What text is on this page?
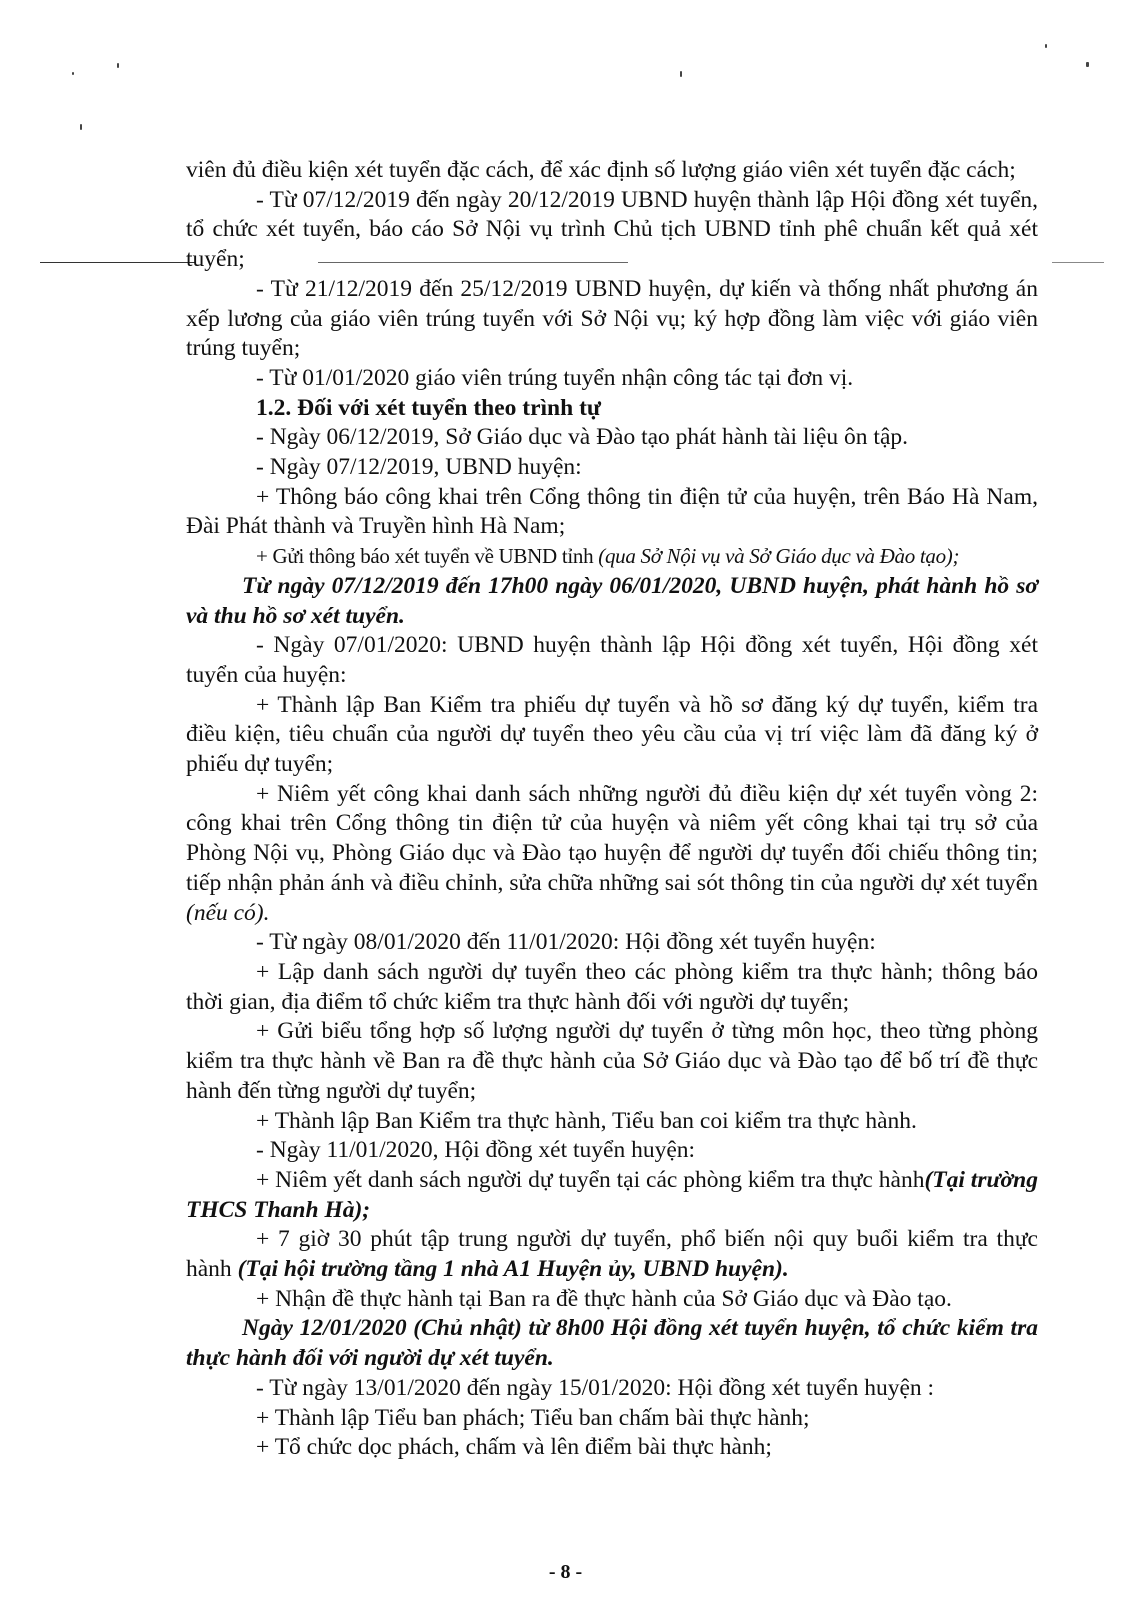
viên đủ điều kiện xét tuyển đặc cách, để xác định số lượng giáo viên xét tuyển đặc cách;

- Từ 07/12/2019 đến ngày 20/12/2019 UBND huyện thành lập Hội đồng xét tuyển, tổ chức xét tuyển, báo cáo Sở Nội vụ trình Chủ tịch UBND tỉnh phê chuẩn kết quả xét tuyển;

- Từ 21/12/2019 đến 25/12/2019 UBND huyện, dự kiến và thống nhất phương án xếp lương của giáo viên trúng tuyển với Sở Nội vụ; ký hợp đồng làm việc với giáo viên trúng tuyển;

- Từ 01/01/2020 giáo viên trúng tuyển nhận công tác tại đơn vị.

1.2. Đối với xét tuyển theo trình tự

- Ngày 06/12/2019, Sở Giáo dục và Đào tạo phát hành tài liệu ôn tập.

- Ngày 07/12/2019, UBND huyện:

+ Thông báo công khai trên Cổng thông tin điện tử của huyện, trên Báo Hà Nam, Đài Phát thành và Truyền hình Hà Nam;

+ Gửi thông báo xét tuyển về UBND tỉnh (qua Sở Nội vụ và Sở Giáo dục và Đào tạo);

Từ ngày 07/12/2019 đến 17h00 ngày 06/01/2020, UBND huyện, phát hành hồ sơ và thu hồ sơ xét tuyển.

- Ngày 07/01/2020: UBND huyện thành lập Hội đồng xét tuyển, Hội đồng xét tuyển của huyện:

+ Thành lập Ban Kiểm tra phiếu dự tuyển và hồ sơ đăng ký dự tuyển, kiểm tra điều kiện, tiêu chuẩn của người dự tuyển theo yêu cầu của vị trí việc làm đã đăng ký ở phiếu dự tuyển;

+ Niêm yết công khai danh sách những người đủ điều kiện dự xét tuyển vòng 2: công khai trên Cổng thông tin điện tử của huyện và niêm yết công khai tại trụ sở của Phòng Nội vụ, Phòng Giáo dục và Đào tạo huyện để người dự tuyển đối chiếu thông tin; tiếp nhận phản ánh và điều chỉnh, sửa chữa những sai sót thông tin của người dự xét tuyển (nếu có).

- Từ ngày 08/01/2020 đến 11/01/2020: Hội đồng xét tuyển huyện:

+ Lập danh sách người dự tuyển theo các phòng kiểm tra thực hành; thông báo thời gian, địa điểm tổ chức kiểm tra thực hành đối với người dự tuyển;

+ Gửi biểu tổng hợp số lượng người dự tuyển ở từng môn học, theo từng phòng kiểm tra thực hành về Ban ra đề thực hành của Sở Giáo dục và Đào tạo để bố trí đề thực hành đến từng người dự tuyển;

+ Thành lập Ban Kiểm tra thực hành, Tiểu ban coi kiểm tra thực hành.

- Ngày 11/01/2020, Hội đồng xét tuyển huyện:

+ Niêm yết danh sách người dự tuyển tại các phòng kiểm tra thực hành(Tại trường THCS Thanh Hà);

+ 7 giờ 30 phút tập trung người dự tuyển, phổ biến nội quy buổi kiểm tra thực hành (Tại hội trường tầng 1 nhà A1 Huyện ủy, UBND huyện).

+ Nhận đề thực hành tại Ban ra đề thực hành của Sở Giáo dục và Đào tạo.

Ngày 12/01/2020 (Chủ nhật) từ 8h00 Hội đồng xét tuyển huyện, tổ chức kiểm tra thực hành đối với người dự xét tuyển.

- Từ ngày 13/01/2020 đến ngày 15/01/2020: Hội đồng xét tuyển huyện :

+ Thành lập Tiểu ban phách; Tiểu ban chấm bài thực hành;

+ Tổ chức dọc phách, chấm và lên điểm bài thực hành;

- 8 -
